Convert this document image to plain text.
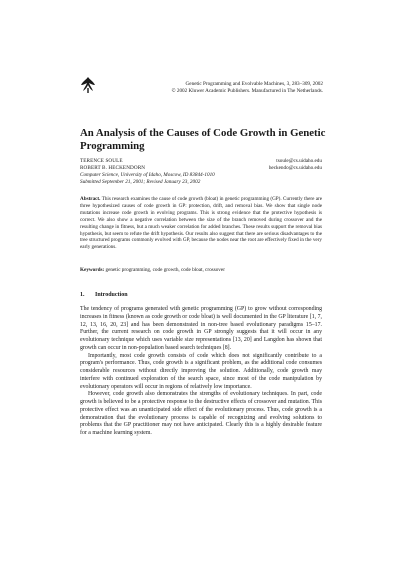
Genetic Programming and Evolvable Machines, 3, 283–309, 2002
© 2002 Kluwer Academic Publishers. Manufactured in The Netherlands.
An Analysis of the Causes of Code Growth in Genetic Programming
TERENCE SOULE	tsoule@cs.uidaho.edu
ROBERT B. HECKENDORN	heckendo@cs.uidaho.edu
Computer Science, University of Idaho, Moscow, ID 83844-1010
Submitted September 21, 2001; Revised January 23, 2002
Abstract. This research examines the cause of code growth (bloat) in genetic programming (GP). Currently there are three hypothesized causes of code growth in GP: protection, drift, and removal bias. We show that single node mutations increase code growth in evolving programs. This is strong evidence that the protective hypothesis is correct. We also show a negative correlation between the size of the branch removed during crossover and the resulting change in fitness, but a much weaker correlation for added branches. These results support the removal bias hypothesis, but seem to refute the drift hypothesis. Our results also suggest that there are serious disadvantages to the tree structured programs commonly evolved with GP, because the nodes near the root are effectively fixed in the very early generations.
Keywords: genetic programming, code growth, code bloat, crossover
1. Introduction

The tendency of programs generated with genetic programming (GP) to grow without corresponding increases in fitness (known as code growth or code bloat) is well documented in the GP literature [1, 7, 12, 13, 16, 20, 23] and has been demonstrated in non-tree based evolutionary paradigms 15–17. Further, the current research on code growth in GP strongly suggests that it will occur in any evolutionary technique which uses variable size representations [13, 20] and Langdon has shown that growth can occur in non-population based search techniques [8].

Importantly, most code growth consists of code which does not significantly contribute to a program's performance. Thus, code growth is a significant problem, as the additional code consumes considerable resources without directly improving the solution. Additionally, code growth may interfere with continued exploration of the search space, since most of the code manipulation by evolutionary operators will occur in regions of relatively low importance.

However, code growth also demonstrates the strengths of evolutionary techniques. In part, code growth is believed to be a protective response to the destructive effects of crossover and mutation. This protective effect was an unanticipated side effect of the evolutionary process. Thus, code growth is a demonstration that the evolutionary process is capable of recognizing and evolving solutions to problems that the GP practitioner may not have anticipated. Clearly this is a highly desirable feature for a machine learning system.
